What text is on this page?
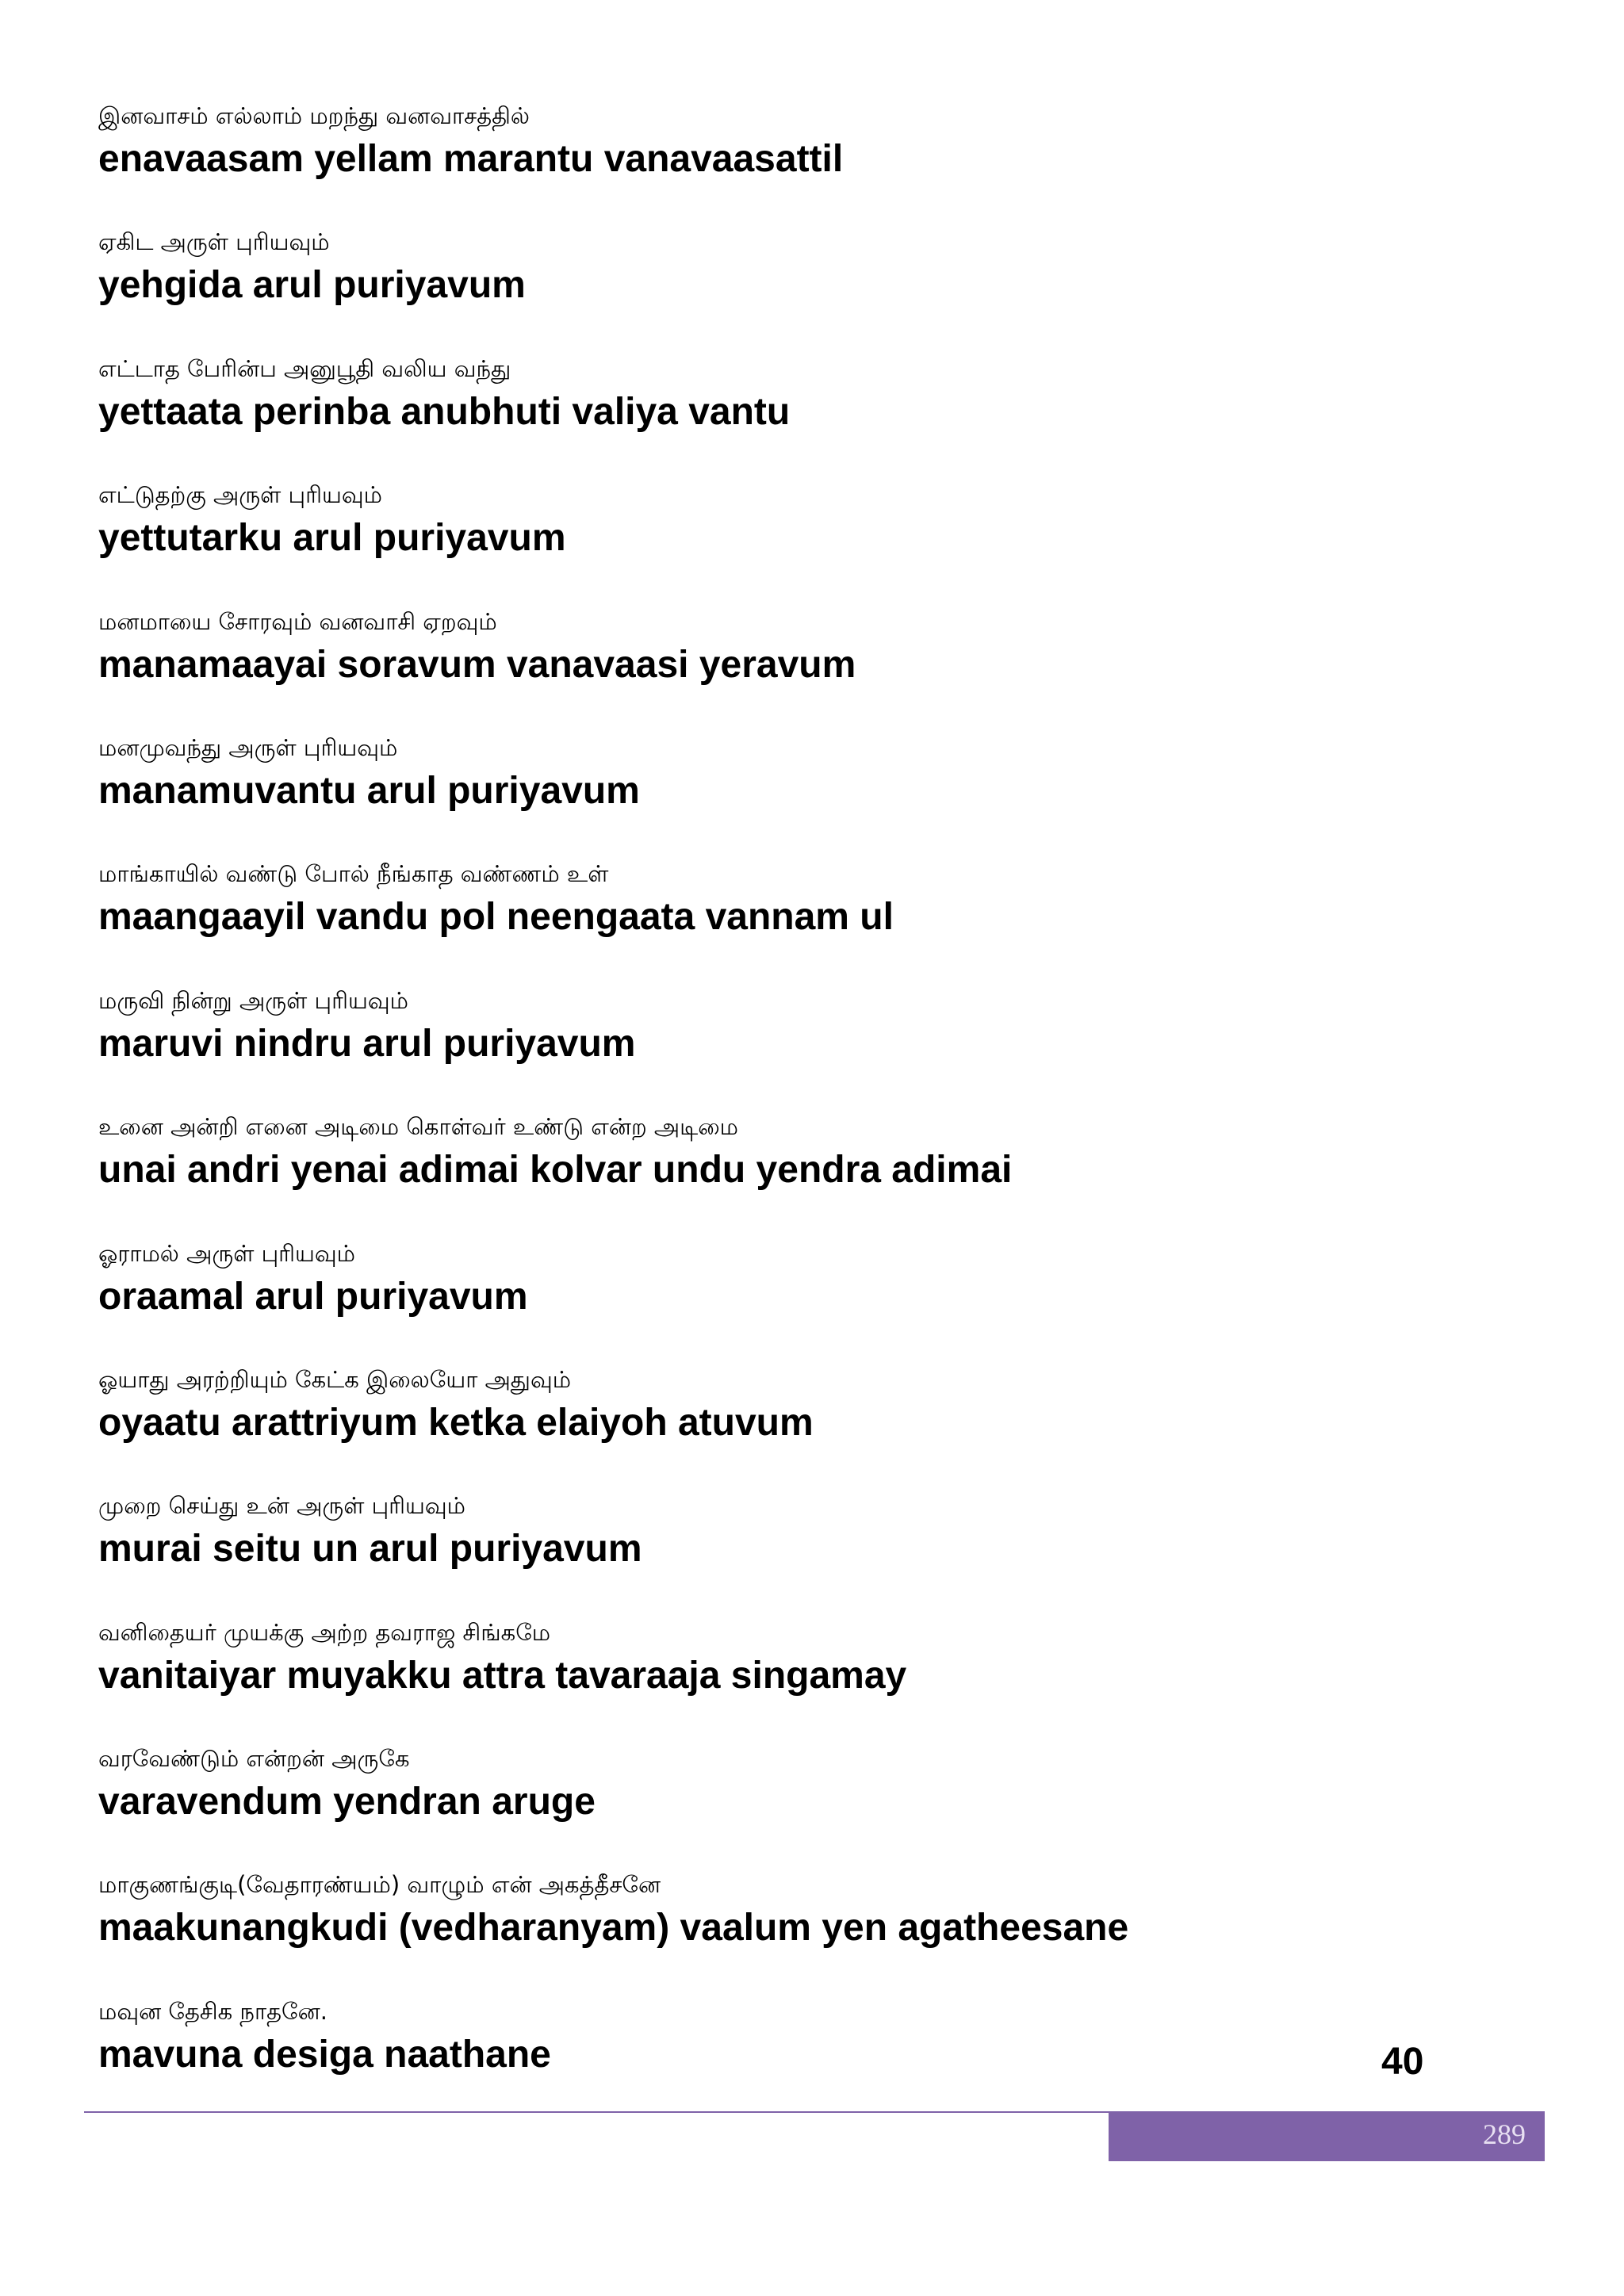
இனவாசம் எல்லாம் மறந்து வனவாசத்தில்
enavaasam yellam marantu vanavaasattil
ஏகிட அருள் புரியவும்
yehgida arul puriyavum
எட்டாத பேரின்ப அனுபூதி வலிய வந்து
yettaata perinba anubhuti valiya vantu
எட்டுதற்கு அருள் புரியவும்
yettutarku arul puriyavum
மனமாயை சோரவும் வனவாசி ஏறவும்
manamaayai soravum vanavaasi yeravum
மனமுவந்து அருள் புரியவும்
manamuvantu arul puriyavum
மாங்காயில் வண்டு போல் நீங்காத வண்ணம் உள்
maangaayil vandu pol neengaata vannam ul
மருவி நின்று அருள் புரியவும்
maruvi nindru arul puriyavum
உனை அன்றி எனை அடிமை கொள்வர் உண்டு என்ற அடிமை
unai andri yenai adimai kolvar undu yendra adimai
ஓராமல் அருள் புரியவும்
oraamal arul puriyavum
ஓயாது அரற்றியும் கேட்க இலையோ அதுவும்
oyaatu arattriyum ketka elaiyoh atuvum
முறை செய்து உன் அருள் புரியவும்
murai seitu un arul puriyavum
வனிதையர் முயக்கு அற்ற தவராஜ சிங்கமே
vanitaiyar muyakku attra tavaraaja singamay
வரவேண்டும் என்றன் அருகே
varavendum yendran aruge
மாகுணங்குடி(வேதாரண்யம்) வாழும் என் அகத்தீசனே
maakunangkudi (vedharanyam) vaalum yen agatheesane
மவுன தேசிக நாதனே.
mavuna desiga naathane	40
289
